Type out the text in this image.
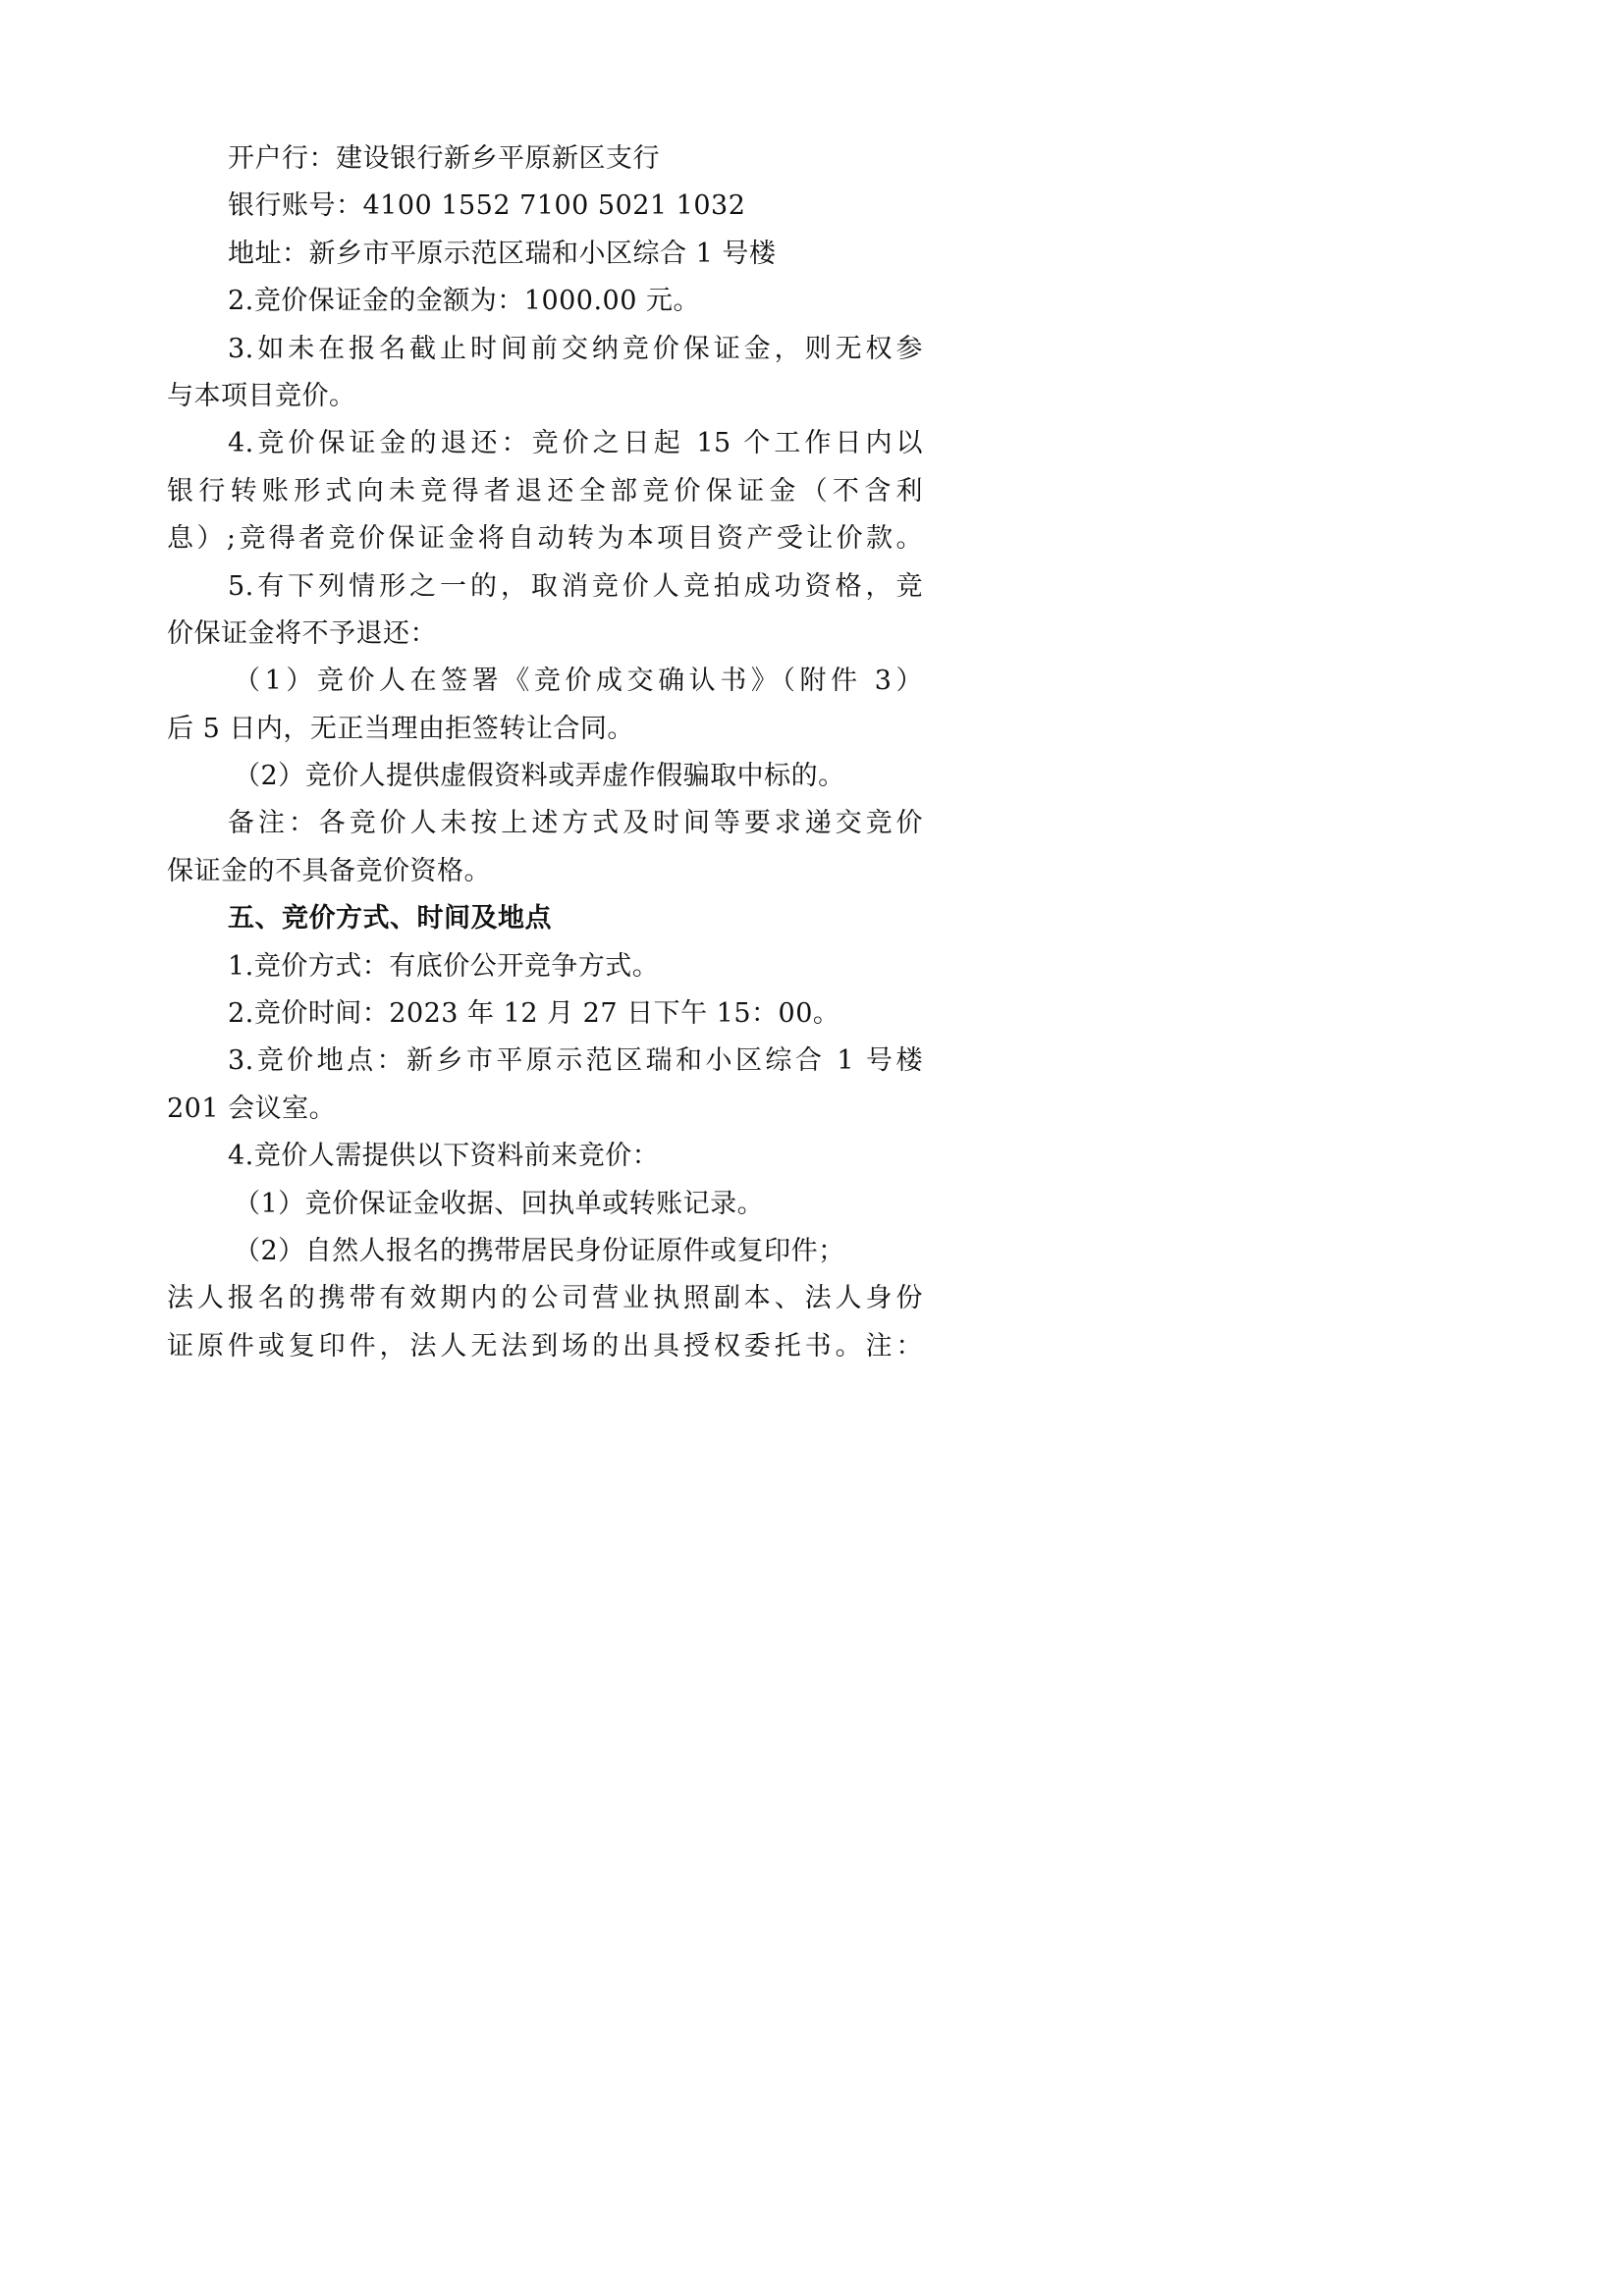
开户行：建设银行新乡平原新区支行
银行账号：4100 1552 7100 5021 1032
地址：新乡市平原示范区瑞和小区综合 1 号楼
2.竞价保证金的金额为：1000.00 元。
3.如未在报名截止时间前交纳竞价保证金，则无权参
与本项目竞价。
4.竞价保证金的退还：竞价之日起 15 个工作日内以
银行转账形式向未竞得者退还全部竞价保证金（不含利
息）;竞得者竞价保证金将自动转为本项目资产受让价款。
5.有下列情形之一的，取消竞价人竞拍成功资格，竞
价保证金将不予退还：
（1）竞价人在签署《竞价成交确认书》（附件 3）
后 5 日内，无正当理由拒签转让合同。
（2）竞价人提供虚假资料或弄虚作假骗取中标的。
备注：各竞价人未按上述方式及时间等要求递交竞价
保证金的不具备竞价资格。
五、竞价方式、时间及地点
1.竞价方式：有底价公开竞争方式。
2.竞价时间：2023 年 12 月 27 日下午 15：00。
3.竞价地点：新乡市平原示范区瑞和小区综合 1 号楼
201 会议室。
4.竞价人需提供以下资料前来竞价：
（1）竞价保证金收据、回执单或转账记录。
（2）自然人报名的携带居民身份证原件或复印件；
法人报名的携带有效期内的公司营业执照副本、法人身份
证原件或复印件，法人无法到场的出具授权委托书。注：
